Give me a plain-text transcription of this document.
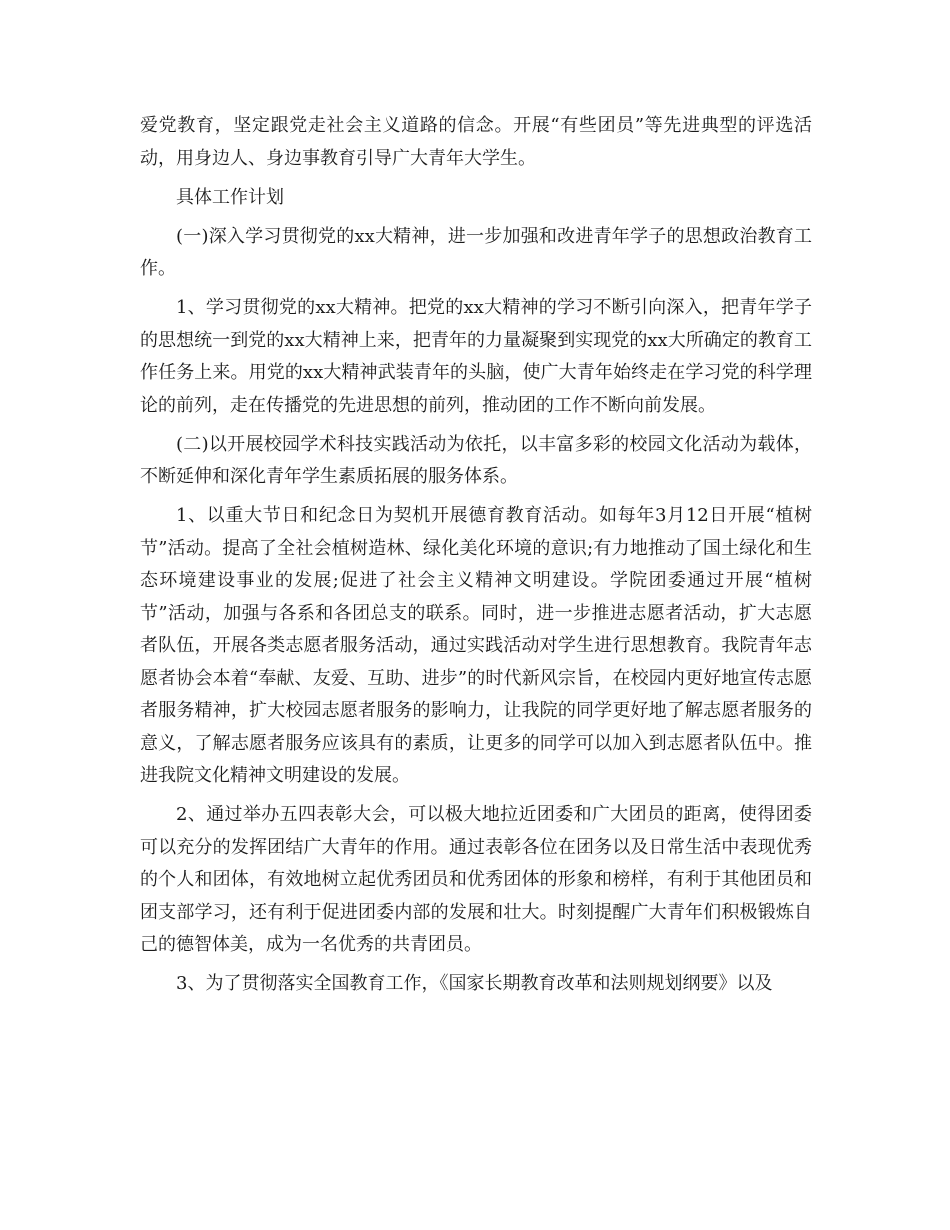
爱党教育，坚定跟党走社会主义道路的信念。开展“有些团员”等先进典型的评选活动，用身边人、身边事教育引导广大青年大学生。

具体工作计划

(一)深入学习贯彻党的xx大精神，进一步加强和改进青年学子的思想政治教育工作。

1、学习贯彻党的xx大精神。把党的xx大精神的学习不断引向深入，把青年学子的思想统一到党的xx大精神上来，把青年的力量凝聚到实现党的xx大所确定的教育工作任务上来。用党的xx大精神武装青年的头脑，使广大青年始终走在学习党的科学理论的前列，走在传播党的先进思想的前列，推动团的工作不断向前发展。

(二)以开展校园学术科技实践活动为依托，以丰富多彩的校园文化活动为载体，不断延伸和深化青年学生素质拓展的服务体系。

1、以重大节日和纪念日为契机开展德育教育活动。如每年3月12日开展“植树节”活动。提高了全社会植树造林、绿化美化环境的意识;有力地推动了国土绿化和生态环境建设事业的发展;促进了社会主义精神文明建设。学院团委通过开展“植树节”活动，加强与各系和各团总支的联系。同时，进一步推进志愿者活动，扩大志愿者队伍，开展各类志愿者服务活动，通过实践活动对学生进行思想教育。我院青年志愿者协会本着“奉献、友爱、互助、进步”的时代新风宗旨，在校园内更好地宣传志愿者服务精神，扩大校园志愿者服务的影响力，让我院的同学更好地了解志愿者服务的意义，了解志愿者服务应该具有的素质，让更多的同学可以加入到志愿者队伍中。推进我院文化精神文明建设的发展。

2、通过举办五四表彰大会，可以极大地拉近团委和广大团员的距离，使得团委可以充分的发挥团结广大青年的作用。通过表彰各位在团务以及日常生活中表现优秀的个人和团体，有效地树立起优秀团员和优秀团体的形象和榜样，有利于其他团员和团支部学习，还有利于促进团委内部的发展和壮大。时刻提醒广大青年们积极锻炼自己的德智体美，成为一名优秀的共青团员。

3、为了贯彻落实全国教育工作，《国家长期教育改革和法则规划纲要》以及
